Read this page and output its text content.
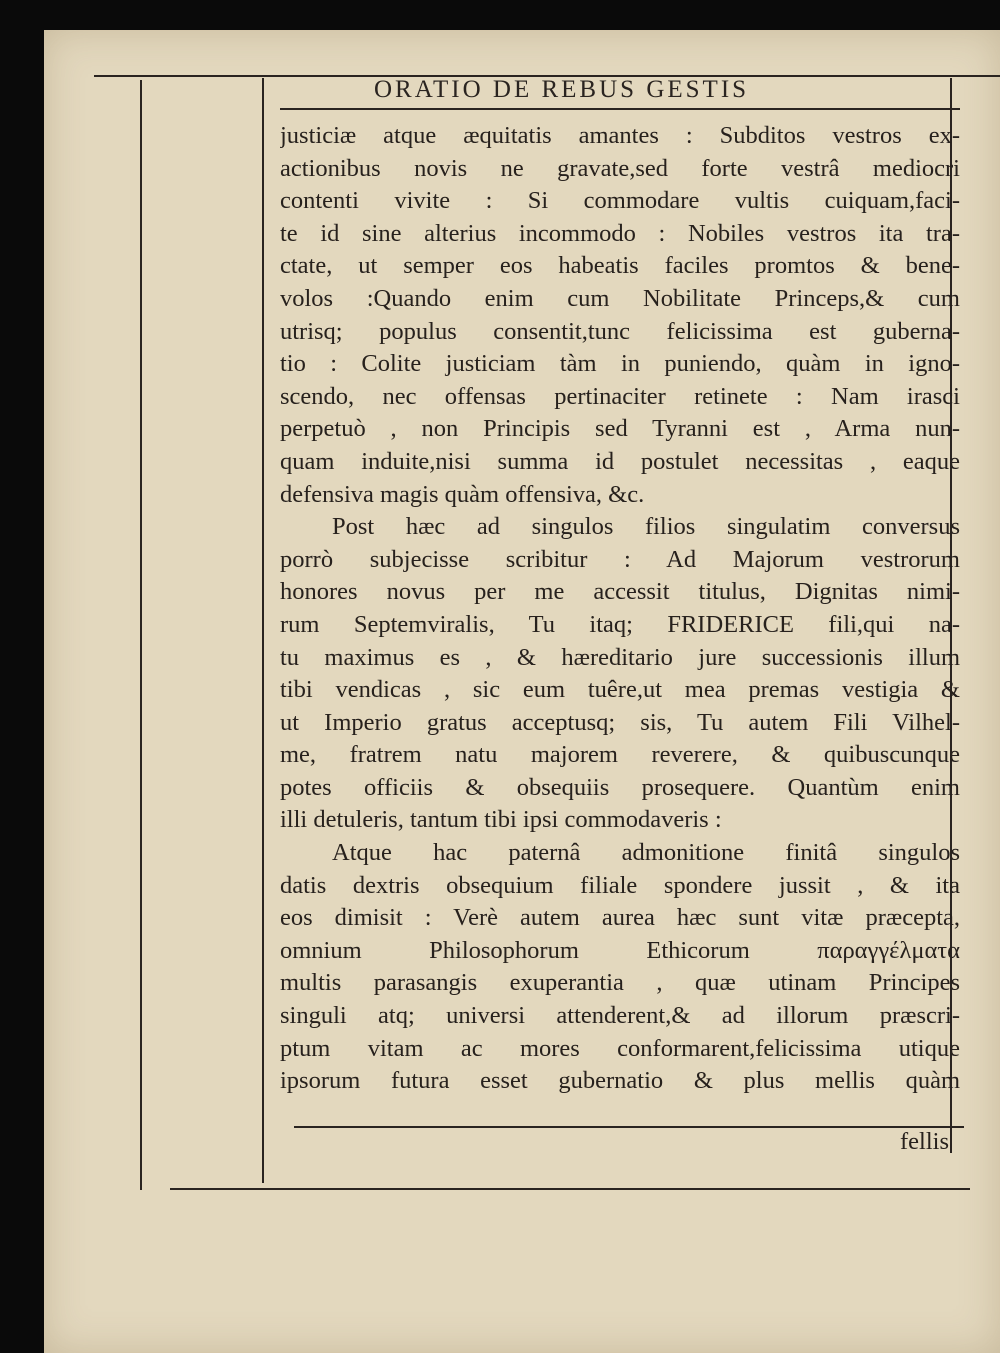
ORATIO DE REBUS GESTIS
justiciæ atque æquitatis amantes : Subditos vestros ex-
actionibus novis ne gravate,sed forte vestrâ mediocri
contenti vivite : Si commodare vultis cuiquam,faci-
te id sine alterius incommodo : Nobiles vestros ita tra-
ctate, ut semper eos habeatis faciles promtos & bene-
volos :Quando enim cum Nobilitate Princeps,& cum
utrisq; populus consentit,tunc felicissima est guberna-
tio : Colite justiciam tàm in puniendo, quàm in igno-
scendo, nec offensas pertinaciter retinete : Nam irasci
perpetuò , non Principis sed Tyranni est , Arma nun-
quam induite,nisi summa id postulet necessitas , eaque
defensiva magis quàm offensiva, &c.
Post hæc ad singulos filios singulatim conversus
porrò subjecisse scribitur : Ad Majorum vestrorum
honores novus per me accessit titulus, Dignitas nimi-
rum Septemviralis, Tu itaq; FRIDERICE fili,qui na-
tu maximus es , & hæreditario jure successionis illum
tibi vendicas , sic eum tuêre,ut mea premas vestigia &
ut Imperio gratus acceptusq; sis, Tu autem Fili Vilhel-
me, fratrem natu majorem reverere, & quibuscunque
potes officiis & obsequiis prosequere. Quantùm enim
illi detuleris, tantum tibi ipsi commodaveris :
Atque hac paternâ admonitione finitâ singulos
datis dextris obsequium filiale spondere jussit , & ita
eos dimisit : Verè autem aurea hæc sunt vitæ præcepta,
omnium Philosophorum Ethicorum παραγγέλματα
multis parasangis exuperantia , quæ utinam Principes
singuli atq; universi attenderent,& ad illorum præscri-
ptum vitam ac mores conformarent,felicissima utique
ipsorum futura esset gubernatio & plus mellis quàm
fellis
